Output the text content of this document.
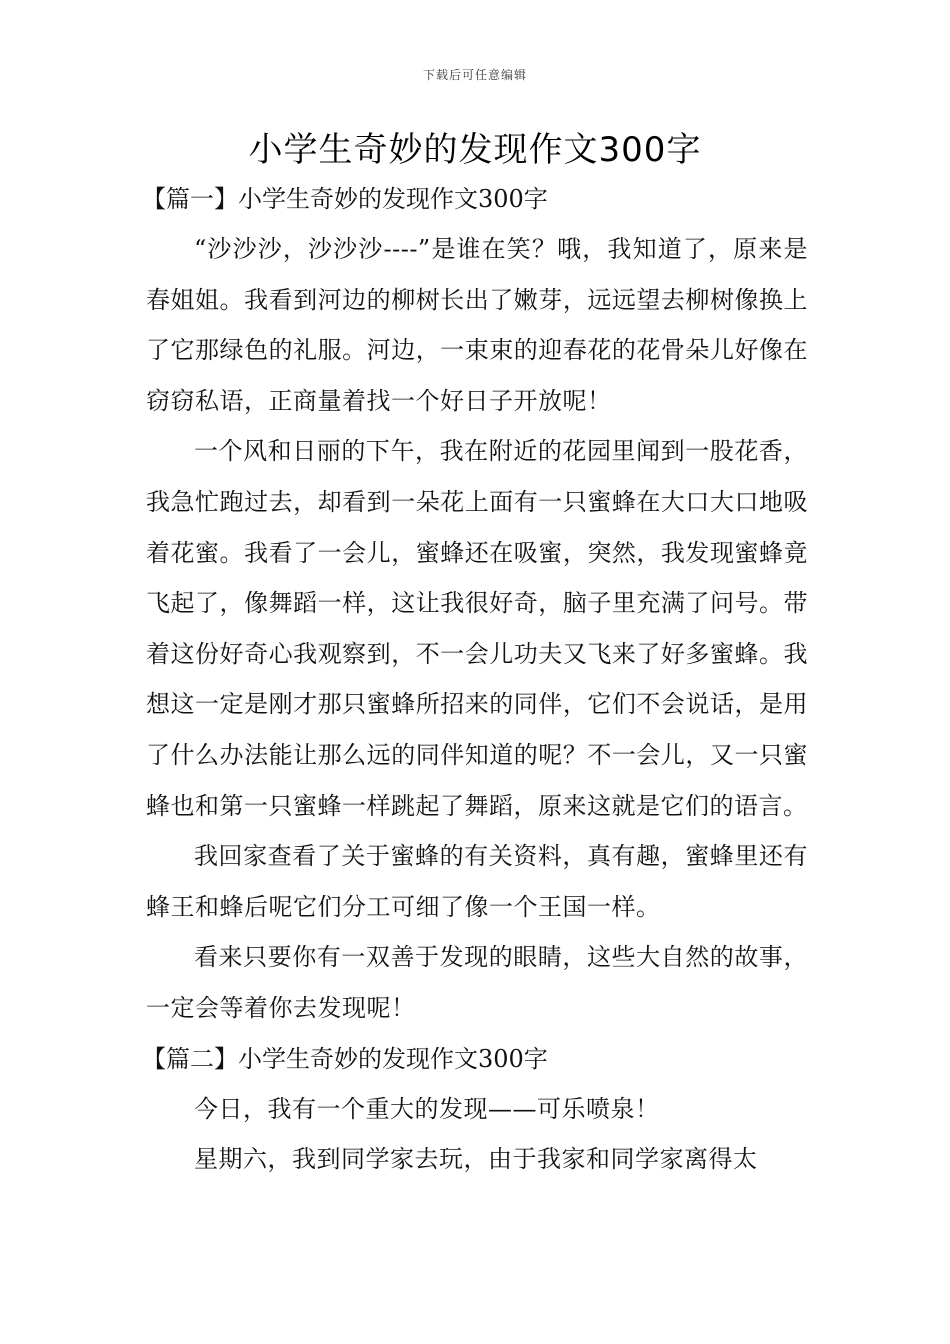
下载后可任意编辑
小学生奇妙的发现作文300字
【篇一】小学生奇妙的发现作文300字

“沙沙沙，沙沙沙----”是谁在笑？哦，我知道了，原来是春姐姐。我看到河边的柳树长出了嫩芽，远远望去柳树像换上了它那绿色的礼服。河边，一束束的迎春花的花骨朵儿好像在窃窃私语，正商量着找一个好日子开放呢！

一个风和日丽的下午，我在附近的花园里闻到一股花香，我急忙跑过去，却看到一朵花上面有一只蜜蜂在大口大口地吸着花蜜。我看了一会儿，蜜蜂还在吸蜜，突然，我发现蜜蜂竟飞起了，像舞蹈一样，这让我很好奇，脑子里充满了问号。带着这份好奇心我观察到，不一会儿功夫又飞来了好多蜜蜂。我想这一定是刚才那只蜜蜂所招来的同伴，它们不会说话，是用了什么办法能让那么远的同伴知道的呢？不一会儿，又一只蜜蜂也和第一只蜜蜂一样跳起了舞蹈，原来这就是它们的语言。

我回家查看了关于蜜蜂的有关资料，真有趣，蜜蜂里还有蜂王和蜂后呢它们分工可细了像一个王国一样。

看来只要你有一双善于发现的眼睛，这些大自然的故事，一定会等着你去发现呢！

【篇二】小学生奇妙的发现作文300字

今日，我有一个重大的发现——可乐喷泉！

星期六，我到同学家去玩，由于我家和同学家离得太
